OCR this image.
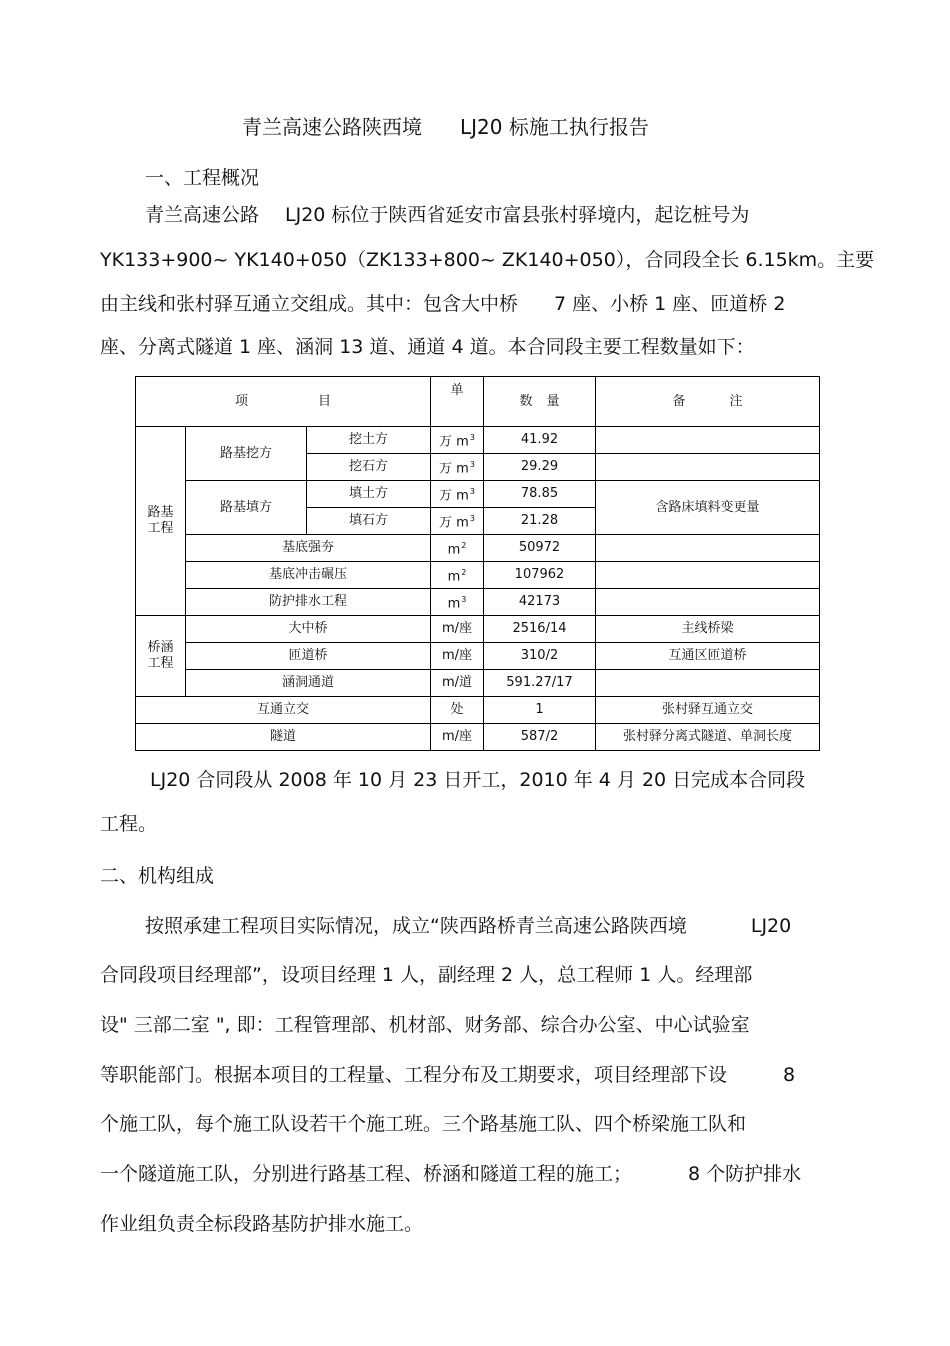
青兰高速公路陕西境 LJ20 标施工执行报告
一、工程概况
青兰高速公路 LJ20 标位于陕西省延安市富县张村驿境内，起讫桩号为
YK133+900~ YK140+050（ZK133+800~ ZK140+050），合同段全长 6.15km。主要
由主线和张村驿互通立交组成。其中：包含大中桥 7 座、小桥 1 座、匝道桥 2
座、分离式隧道 1 座、涵洞 13 道、通道 4 道。本合同段主要工程数量如下：
项 目			单	数 量	备 注

路基
工程	路基挖方	挖土方	万 $m^3$	41.92	
		挖石方	万 $m^3$	29.29	
	路基填方	填土方	万 $m^3$	78.85	含路床填料变更量
		填石方	万 $m^3$	21.28	
	基底强夯		$m^2$	50972	
	基底冲击碾压		$m^2$	107962	
	防护排水工程		$m^3$	42173	

桥涵
工程	大中桥		m/座	2516/14	主线桥梁
	匝道桥		m/座	310/2	互通区匝道桥
	涵洞通道		m/道	591.27/17	
互通立交			处	1	张村驿互通立交
隧道			m/座	587/2	张村驿分离式隧道、单洞长度
LJ20 合同段从 2008 年 10 月 23 日开工，2010 年 4 月 20 日完成本合同段
工程。
二、机构组成
按照承建工程项目实际情况，成立“陕西路桥青兰高速公路陕西境	LJ20
合同段项目经理部”，设项目经理 1 人，副经理 2 人，总工程师 1 人。经理部
设" 三部二室 ", 即：工程管理部、机材部、财务部、综合办公室、中心试验室
等职能部门。根据本项目的工程量、工程分布及工期要求，项目经理部下设	8
个施工队，每个施工队设若干个施工班。三个路基施工队、四个桥梁施工队和
一个隧道施工队，分别进行路基工程、桥涵和隧道工程的施工；	8 个防护排水
作业组负责全标段路基防护排水施工。
